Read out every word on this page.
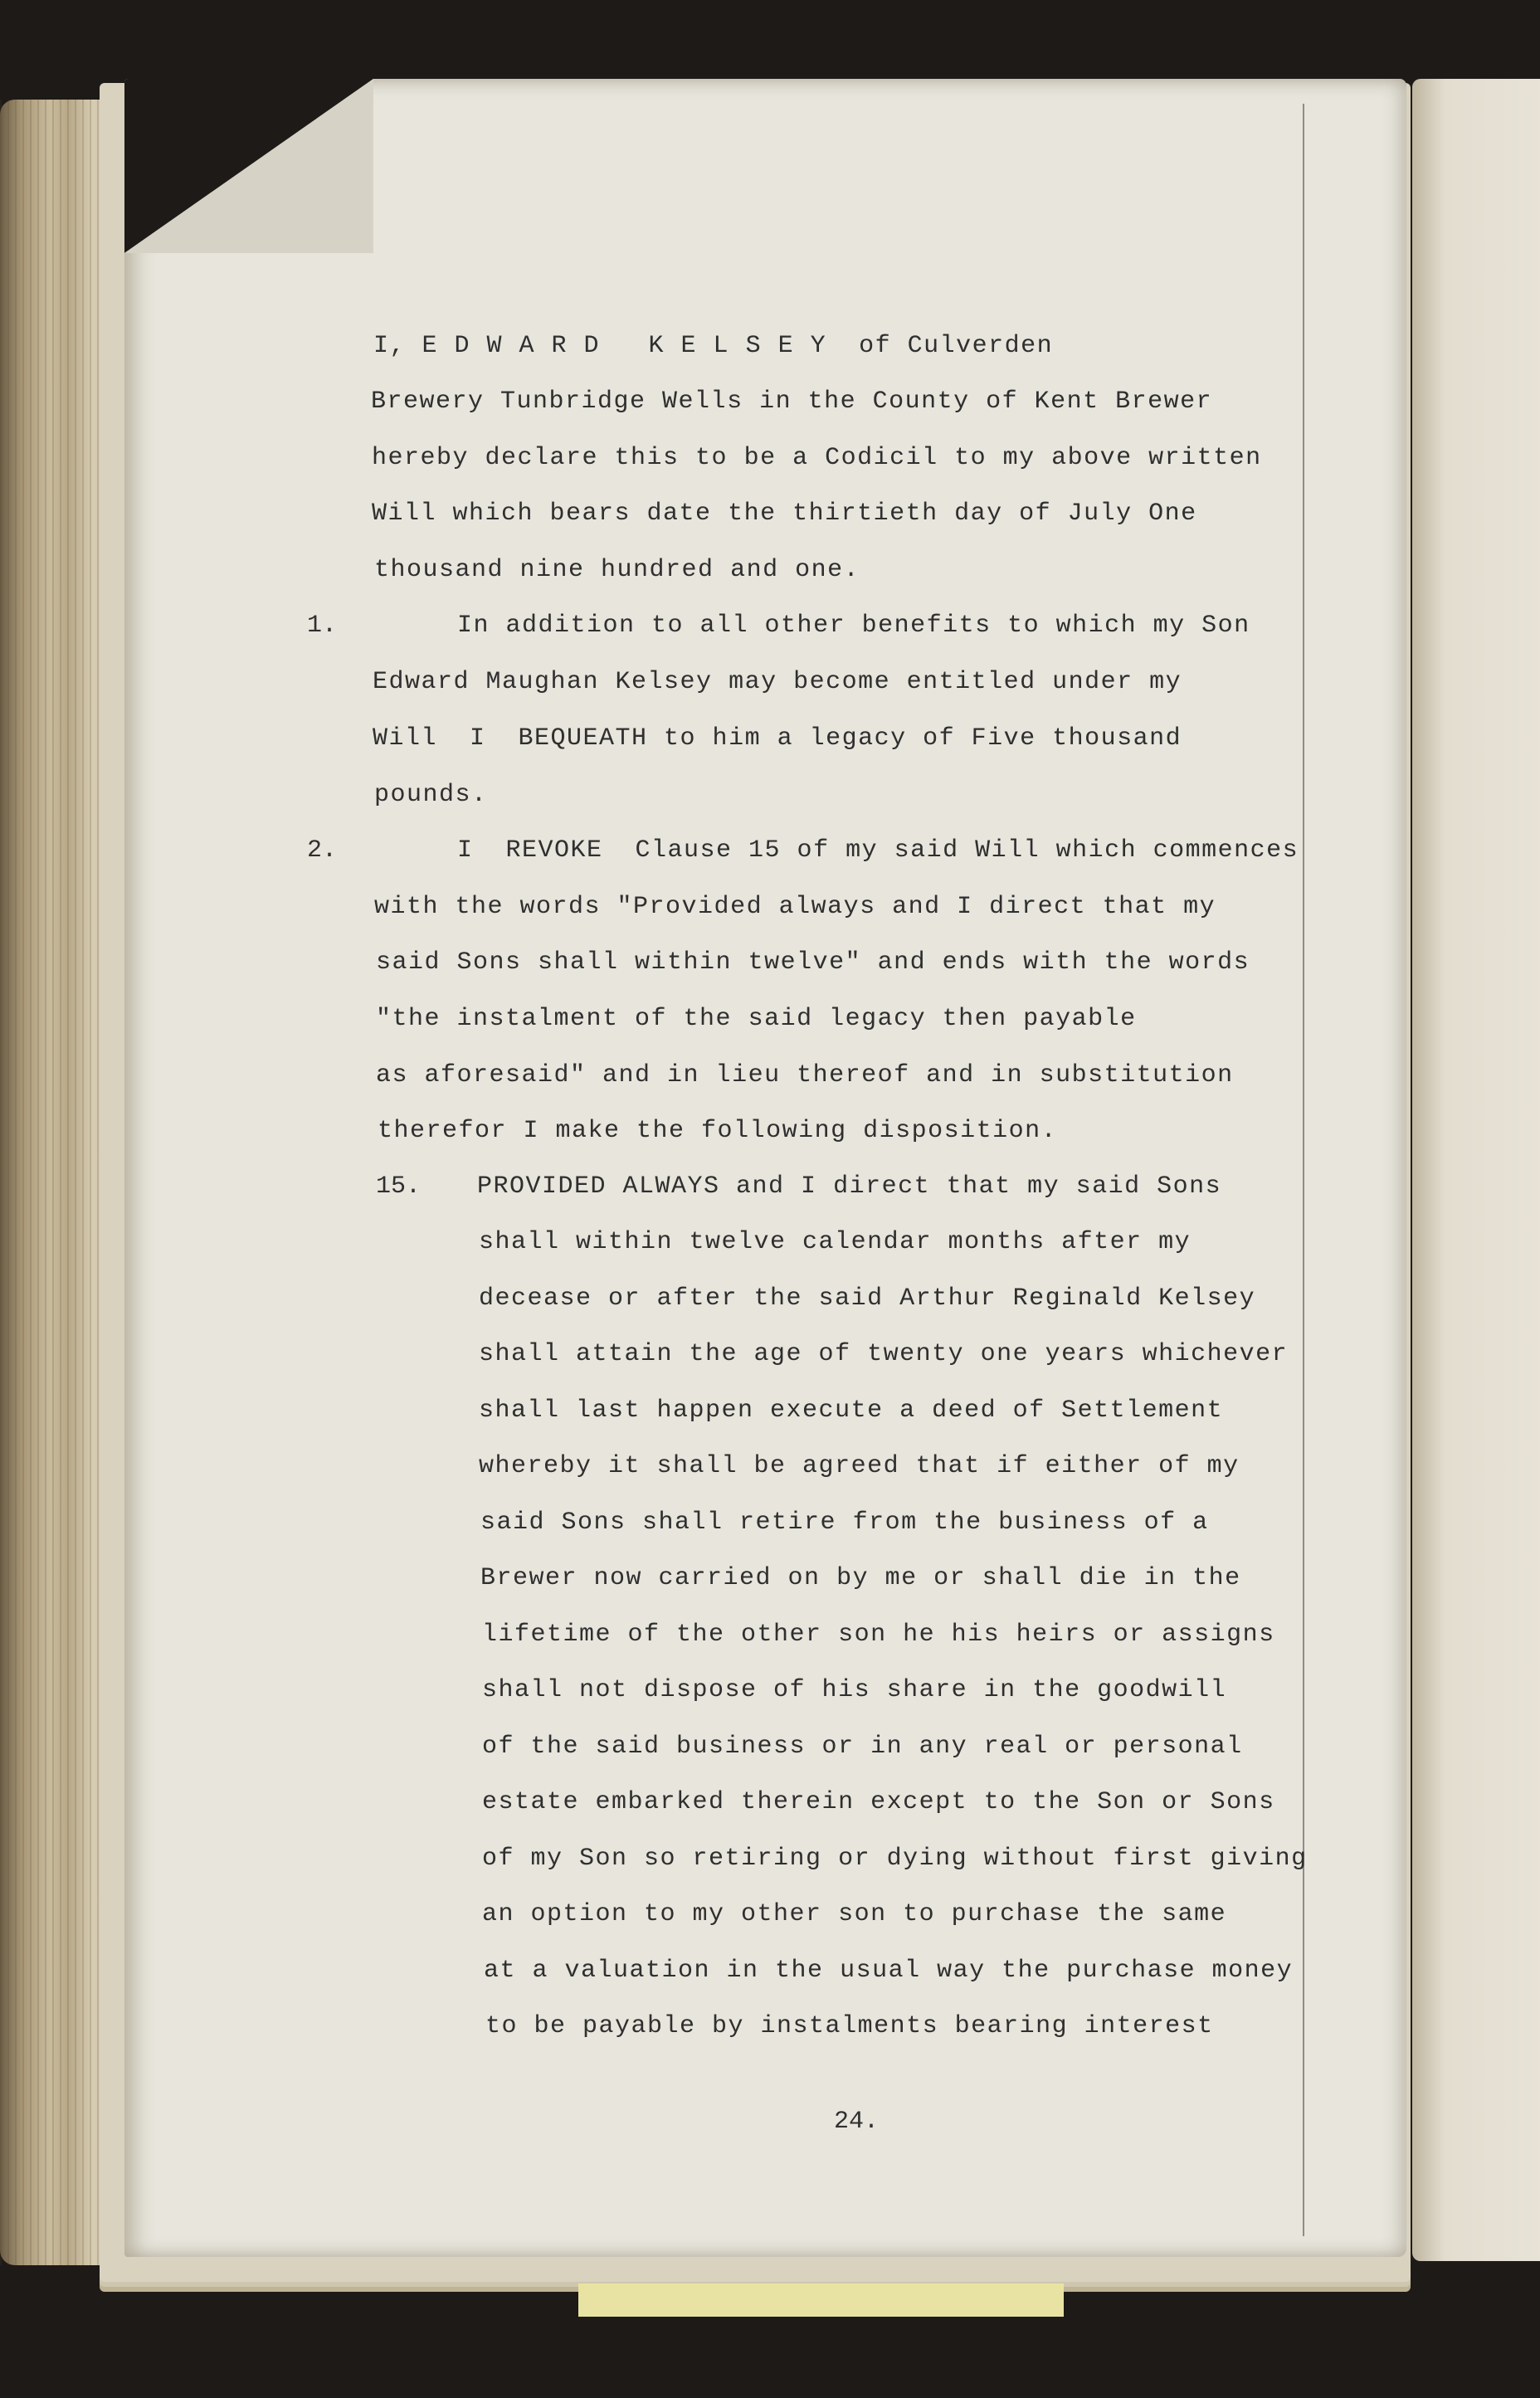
I, E D W A R D   K E L S E Y  of Culverden

Brewery Tunbridge Wells in the County of Kent Brewer

hereby declare this to be a Codicil to my above written

Will which bears date the thirtieth day of July One

thousand nine hundred and one.

1.	In addition to all other benefits to which my Son

Edward Maughan Kelsey may become entitled under my

Will  I  BEQUEATH to him a legacy of Five thousand

pounds.

2.	I  REVOKE  Clause 15 of my said Will which commences

with the words "Provided always and I direct that my

said Sons shall within twelve" and ends with the words

"the instalment of the said legacy then payable

as aforesaid" and in lieu thereof and in substitution

therefor I make the following disposition.

15. PROVIDED ALWAYS and I direct that my said Sons

shall within twelve calendar months after my

decease or after the said Arthur Reginald Kelsey

shall attain the age of twenty one years whichever

shall last happen execute a deed of Settlement

whereby it shall be agreed that if either of my

said Sons shall retire from the business of a

Brewer now carried on by me or shall die in the

lifetime of the other son he his heirs or assigns

shall not dispose of his share in the goodwill

of the said business or in any real or personal

estate embarked therein except to the Son or Sons

of my Son so retiring or dying without first giving

an option to my other son to purchase the same

at a valuation in the usual way the purchase money

to be payable by instalments bearing interest

24.
